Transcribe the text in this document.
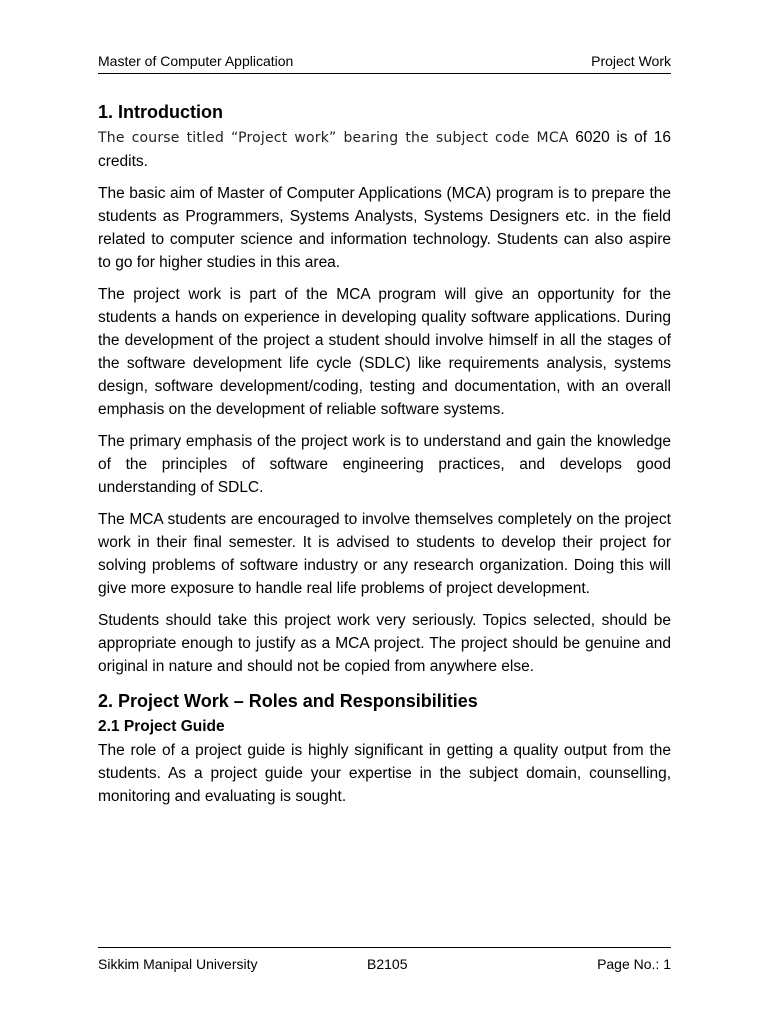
Master of Computer Application	Project Work
1. Introduction

The course titled “Project work” bearing the subject code MCA 6020 is of 16 credits.

The basic aim of Master of Computer Applications (MCA) program is to prepare the students as Programmers, Systems Analysts, Systems Designers etc. in the field related to computer science and information technology. Students can also aspire to go for higher studies in this area.

The project work is part of the MCA program will give an opportunity for the students a hands on experience in developing quality software applications. During the development of the project a student should involve himself in all the stages of the software development life cycle (SDLC) like requirements analysis, systems design, software development/coding, testing and documentation, with an overall emphasis on the development of reliable software systems.

The primary emphasis of the project work is to understand and gain the knowledge of the principles of software engineering practices, and develops good understanding of SDLC.

The MCA students are encouraged to involve themselves completely on the project work in their final semester. It is advised to students to develop their project for solving problems of software industry or any research organization. Doing this will give more exposure to handle real life problems of project development.

Students should take this project work very seriously. Topics selected, should be appropriate enough to justify as a MCA project. The project should be genuine and original in nature and should not be copied from anywhere else.

2. Project Work – Roles and Responsibilities
2.1 Project Guide

The role of a project guide is highly significant in getting a quality output from the students. As a project guide your expertise in the subject domain, counselling, monitoring and evaluating is sought.

Sikkim Manipal University	B2105	Page No.: 1
